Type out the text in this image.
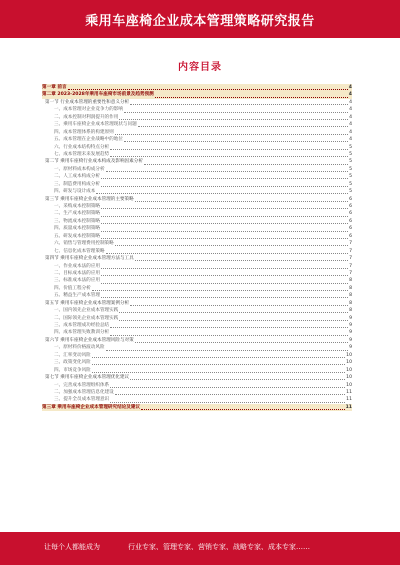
乘用车座椅企业成本管理策略研究报告
内容目录
第一章 前言	4
第二章 2023-2028年乘用车座椅市场前景及趋势预测	4
第一节 行业成本管理的重要性和意义分析	4
一、成本管理对企业竞争力的影响	4
二、成本控制对利润提升的作用	4
三、乘用车座椅企业成本管理现状与问题	4
四、成本管理体系的构建原则	4
五、成本管理在企业战略中的地位	4
六、行业成本结构特点分析	5
七、成本管理未来发展趋势	5
第二节 乘用车座椅行业成本构成及影响因素分析	5
一、原材料成本构成分析	5
二、人工成本构成分析	5
三、制造费用构成分析	5
四、研发与设计成本	5
第三节 乘用车座椅企业成本管理的主要策略	6
一、采购成本控制策略	6
二、生产成本控制策略	6
三、物流成本控制策略	6
四、质量成本控制策略	6
五、研发成本控制策略	6
六、销售与管理费用控制策略	7
七、信息化成本管理策略	7
第四节 乘用车座椅企业成本管理方法与工具	7
一、作业成本法的应用	7
二、目标成本法的应用	7
三、标准成本法的应用	8
四、价值工程分析	8
五、精益生产成本管理	8
第五节 乘用车座椅企业成本管理案例分析	8
一、国内领先企业成本管理实践	8
二、国际领先企业成本管理实践	9
三、成本管理成功经验总结	9
四、成本管理失败教训分析	9
第六节 乘用车座椅企业成本管理风险与对策	9
一、原材料价格波动风险	9
二、汇率变动风险	10
三、政策变化风险	10
四、市场竞争风险	10
第七节 乘用车座椅企业成本管理优化建议	10
一、完善成本管理组织体系	10
二、加强成本管理信息化建设	11
三、提升全员成本管理意识	11
第三章 乘用车座椅企业成本管理研究结论及建议	11
让每个人都能成为	行业专家、管理专家、营销专家、战略专家、成本专家……
